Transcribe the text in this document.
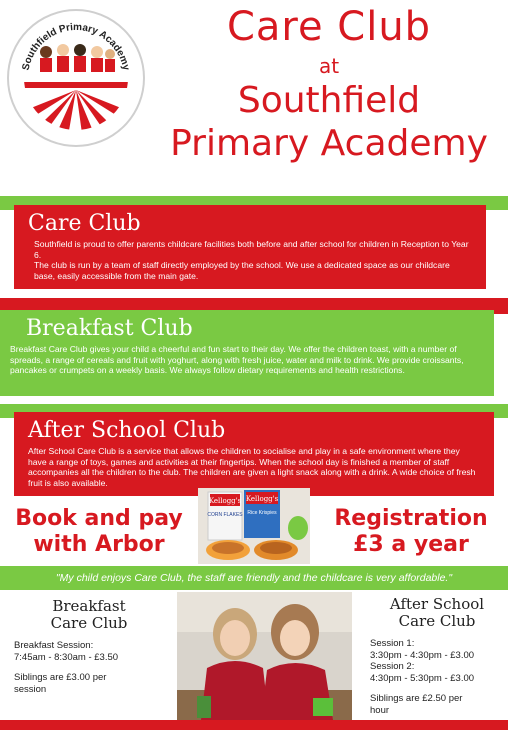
Southfield Primary Academy
Care Club
at
Southfield
Primary Academy
Care Club

Southfield is proud to offer parents childcare facilities both before and after school for children in Reception to Year 6.
The club is run by a team of staff directly employed by the school. We use a dedicated space as our childcare base, easily accessible from the main gate.

Breakfast Club

Breakfast Care Club gives your child a cheerful and fun start to their day. We offer the children toast, with a number of spreads, a range of cereals and fruit with yoghurt, along with fresh juice, water and milk to drink. We provide croissants, pancakes or crumpets on a weekly basis. We always follow dietary requirements and health restrictions.

After School Club

After School Care Club is a service that allows the children to socialise and play in a safe environment where they have a range of toys, games and activities at their fingertips. When the school day is finished a member of staff accompanies all the children to the club. The children are given a light snack along with a drink. A wide choice of fresh fruit is also available.

Book and pay
with Arbor
Kellogg's
CORN FLAKES
Kellogg's
Rice Krispies	Registration
£3 a year
"My child enjoys Care Club, the staff are friendly and the childcare is very affordable."
Breakfast
Care Club

Breakfast Session:

7:45am - 8:30am - £3.50

Siblings are £3.00 per session

After School
Care Club

Session 1:

3:30pm - 4:30pm - £3.00

Session 2:

4:30pm - 5:30pm - £3.00

Siblings are £2.50 per hour
